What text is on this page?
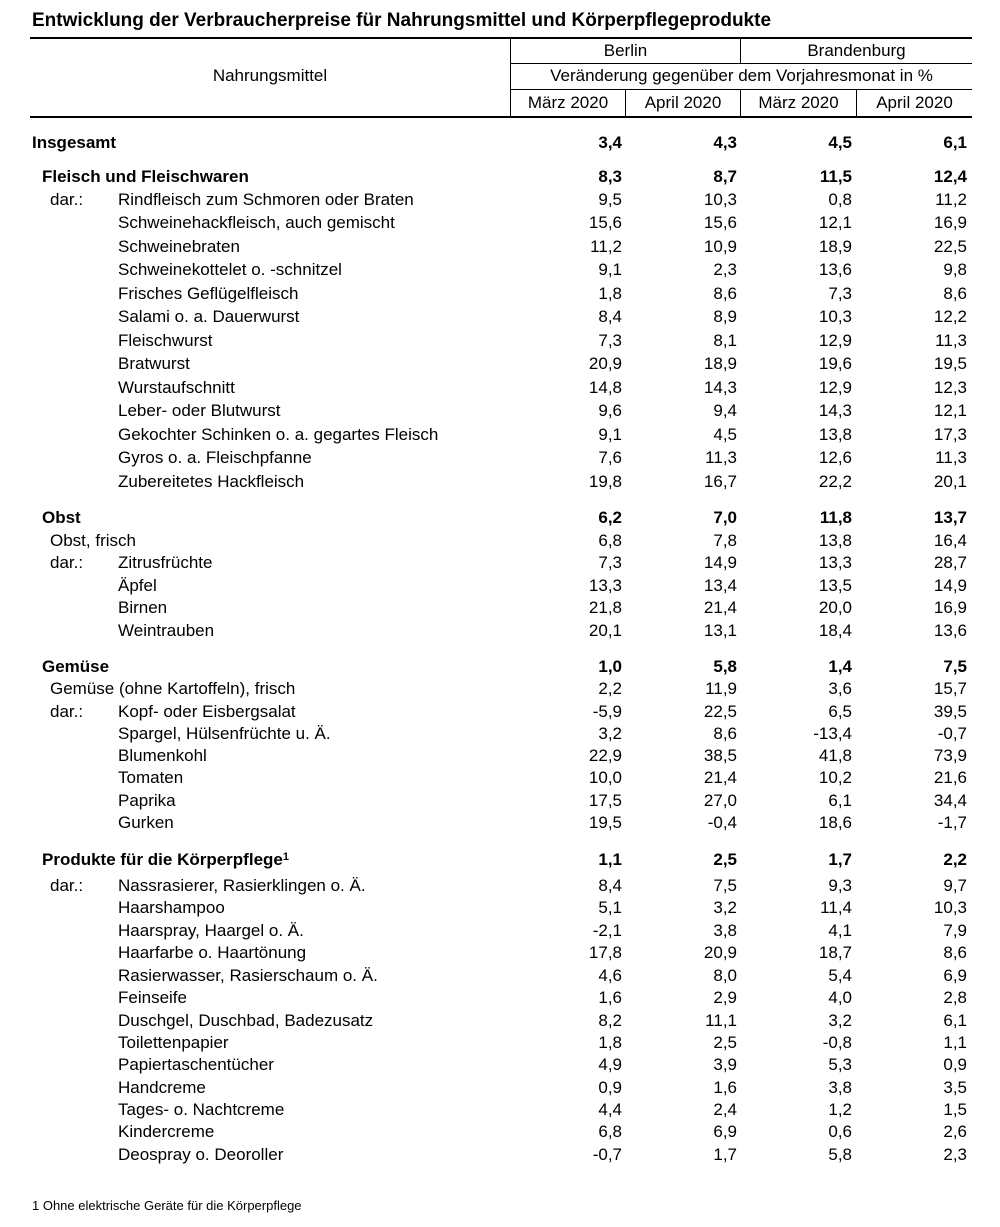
Entwicklung der Verbraucherpreise für Nahrungsmittel und Körperpflegeprodukte
Nahrungsmittel
Berlin	Brandenburg
Veränderung gegenüber dem Vorjahresmonat in %
März 2020	April 2020	März 2020	April 2020
Insgesamt	3,4	4,3	4,5	6,1
Fleisch und Fleischwaren	8,3	8,7	11,5	12,4
dar.: Rindfleisch zum Schmoren oder Braten	9,5	10,3	0,8	11,2
Schweinehackfleisch, auch gemischt	15,6	15,6	12,1	16,9
Schweinebraten	11,2	10,9	18,9	22,5
Schweinekottelet o. -schnitzel	9,1	2,3	13,6	9,8
Frisches Geflügelfleisch	1,8	8,6	7,3	8,6
Salami o. a. Dauerwurst	8,4	8,9	10,3	12,2
Fleischwurst	7,3	8,1	12,9	11,3
Bratwurst	20,9	18,9	19,6	19,5
Wurstaufschnitt	14,8	14,3	12,9	12,3
Leber- oder Blutwurst	9,6	9,4	14,3	12,1
Gekochter Schinken o. a. gegartes Fleisch	9,1	4,5	13,8	17,3
Gyros o. a. Fleischpfanne	7,6	11,3	12,6	11,3
Zubereitetes Hackfleisch	19,8	16,7	22,2	20,1
Obst	6,2	7,0	11,8	13,7
Obst, frisch	6,8	7,8	13,8	16,4
dar.: Zitrusfrüchte	7,3	14,9	13,3	28,7
Äpfel	13,3	13,4	13,5	14,9
Birnen	21,8	21,4	20,0	16,9
Weintrauben	20,1	13,1	18,4	13,6
Gemüse	1,0	5,8	1,4	7,5
Gemüse (ohne Kartoffeln), frisch	2,2	11,9	3,6	15,7
dar.: Kopf- oder Eisbergsalat	-5,9	22,5	6,5	39,5
Spargel, Hülsenfrüchte u. Ä.	3,2	8,6	-13,4	-0,7
Blumenkohl	22,9	38,5	41,8	73,9
Tomaten	10,0	21,4	10,2	21,6
Paprika	17,5	27,0	6,1	34,4
Gurken	19,5	-0,4	18,6	-1,7
Produkte für die Körperpflege$^1$	1,1	2,5	1,7	2,2
dar.: Nassrasierer, Rasierklingen o. Ä.	8,4	7,5	9,3	9,7
Haarshampoo	5,1	3,2	11,4	10,3
Haarspray, Haargel o. Ä.	-2,1	3,8	4,1	7,9
Haarfarbe o. Haartönung	17,8	20,9	18,7	8,6
Rasierwasser, Rasierschaum o. Ä.	4,6	8,0	5,4	6,9
Feinseife	1,6	2,9	4,0	2,8
Duschgel, Duschbad, Badezusatz	8,2	11,1	3,2	6,1
Toilettenpapier	1,8	2,5	-0,8	1,1
Papiertaschentücher	4,9	3,9	5,3	0,9
Handcreme	0,9	1,6	3,8	3,5
Tages- o. Nachtcreme	4,4	2,4	1,2	1,5
Kindercreme	6,8	6,9	0,6	2,6
Deospray o. Deoroller	-0,7	1,7	5,8	2,3
1 Ohne elektrische Geräte für die Körperpflege
